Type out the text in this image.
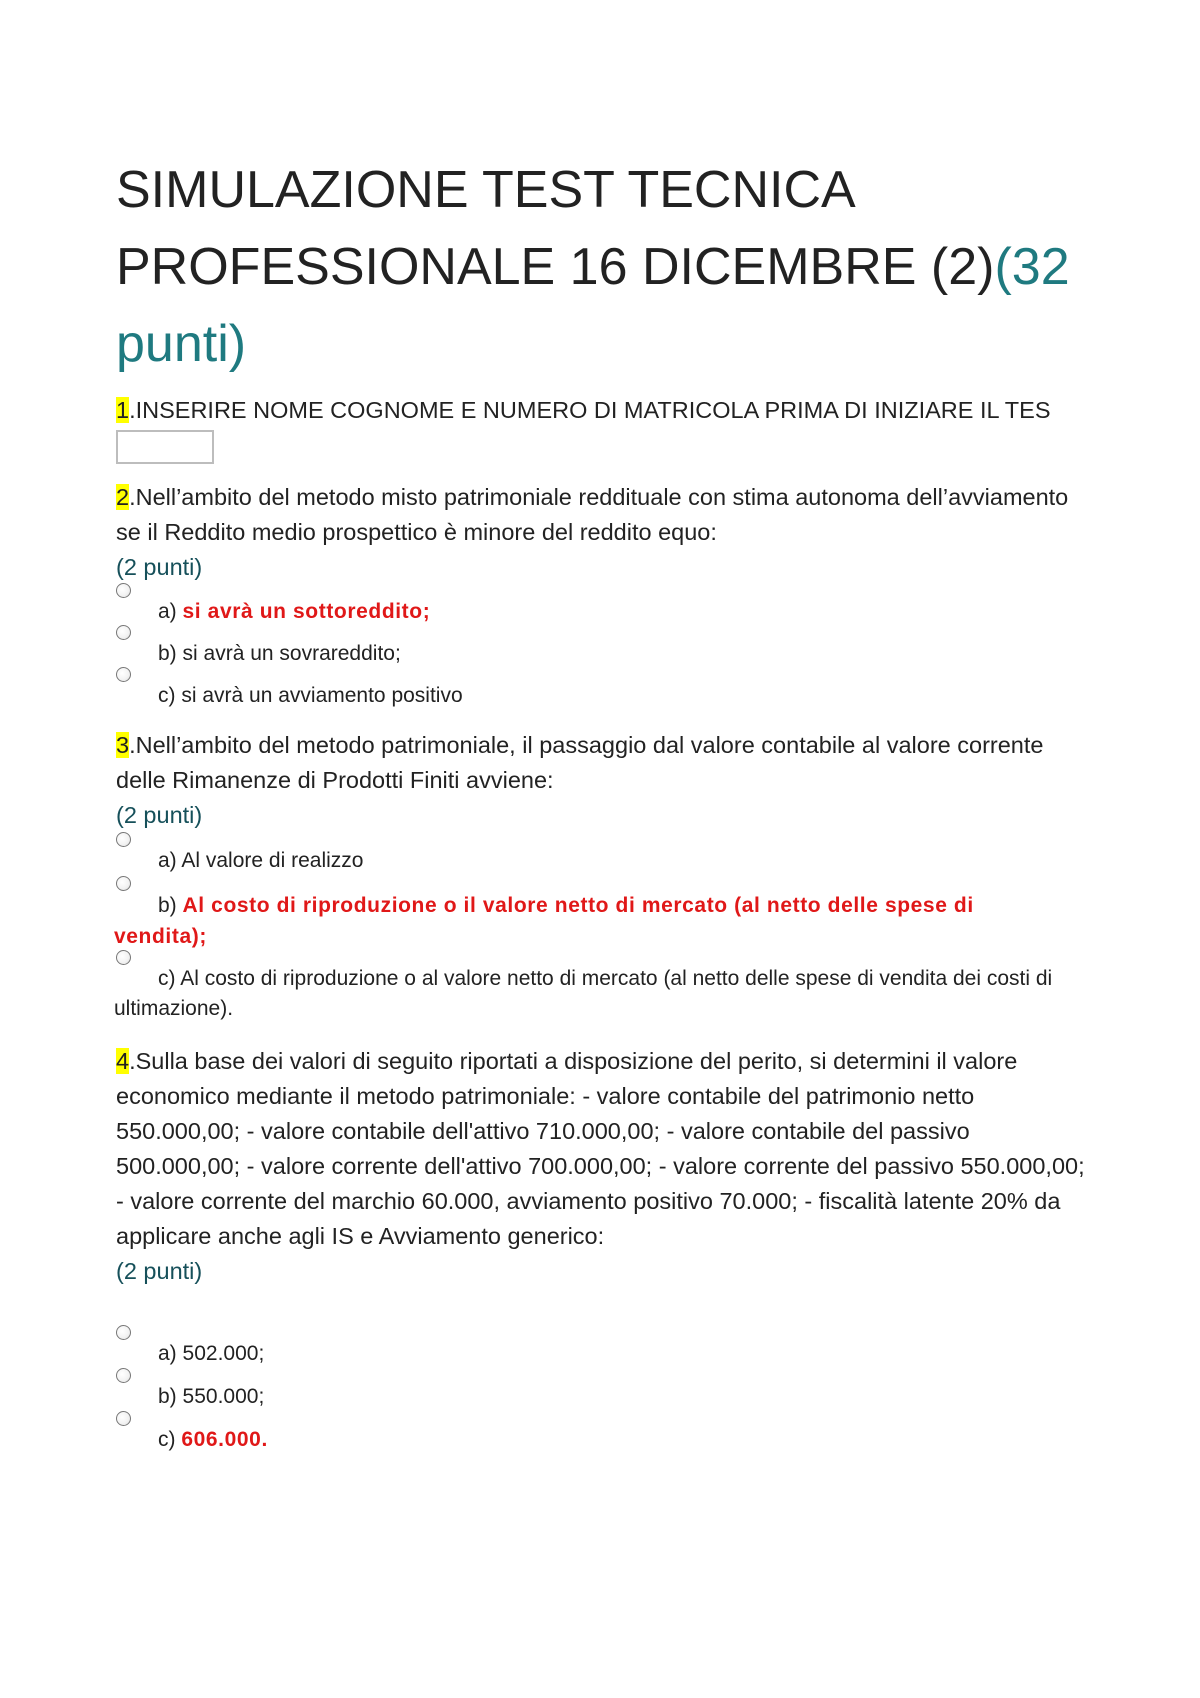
SIMULAZIONE TEST TECNICA PROFESSIONALE 16 DICEMBRE (2)(32 punti)
1.INSERIRE NOME COGNOME E NUMERO DI MATRICOLA PRIMA DI INIZIARE IL TES
2.Nell’ambito del metodo misto patrimoniale reddituale con stima autonoma dell’avviamento se il Reddito medio prospettico è minore del reddito equo:
(2 punti)
a) si avrà un sottoreddito;
b) si avrà un sovrareddito;
c) si avrà un avviamento positivo
3.Nell’ambito del metodo patrimoniale, il passaggio dal valore contabile al valore corrente delle Rimanenze di Prodotti Finiti avviene:
(2 punti)
a) Al valore di realizzo
b) Al costo di riproduzione o il valore netto di mercato (al netto delle spese di vendita);
c) Al costo di riproduzione o al valore netto di mercato (al netto delle spese di vendita dei costi di ultimazione).
4.Sulla base dei valori di seguito riportati a disposizione del perito, si determini il valore economico mediante il metodo patrimoniale: - valore contabile del patrimonio netto 550.000,00; - valore contabile dell'attivo 710.000,00; - valore contabile del passivo 500.000,00; - valore corrente dell'attivo 700.000,00; - valore corrente del passivo 550.000,00; - valore corrente del marchio 60.000, avviamento positivo 70.000; - fiscalità latente 20% da applicare anche agli IS e Avviamento generico:
(2 punti)
a) 502.000;
b) 550.000;
c) 606.000.
